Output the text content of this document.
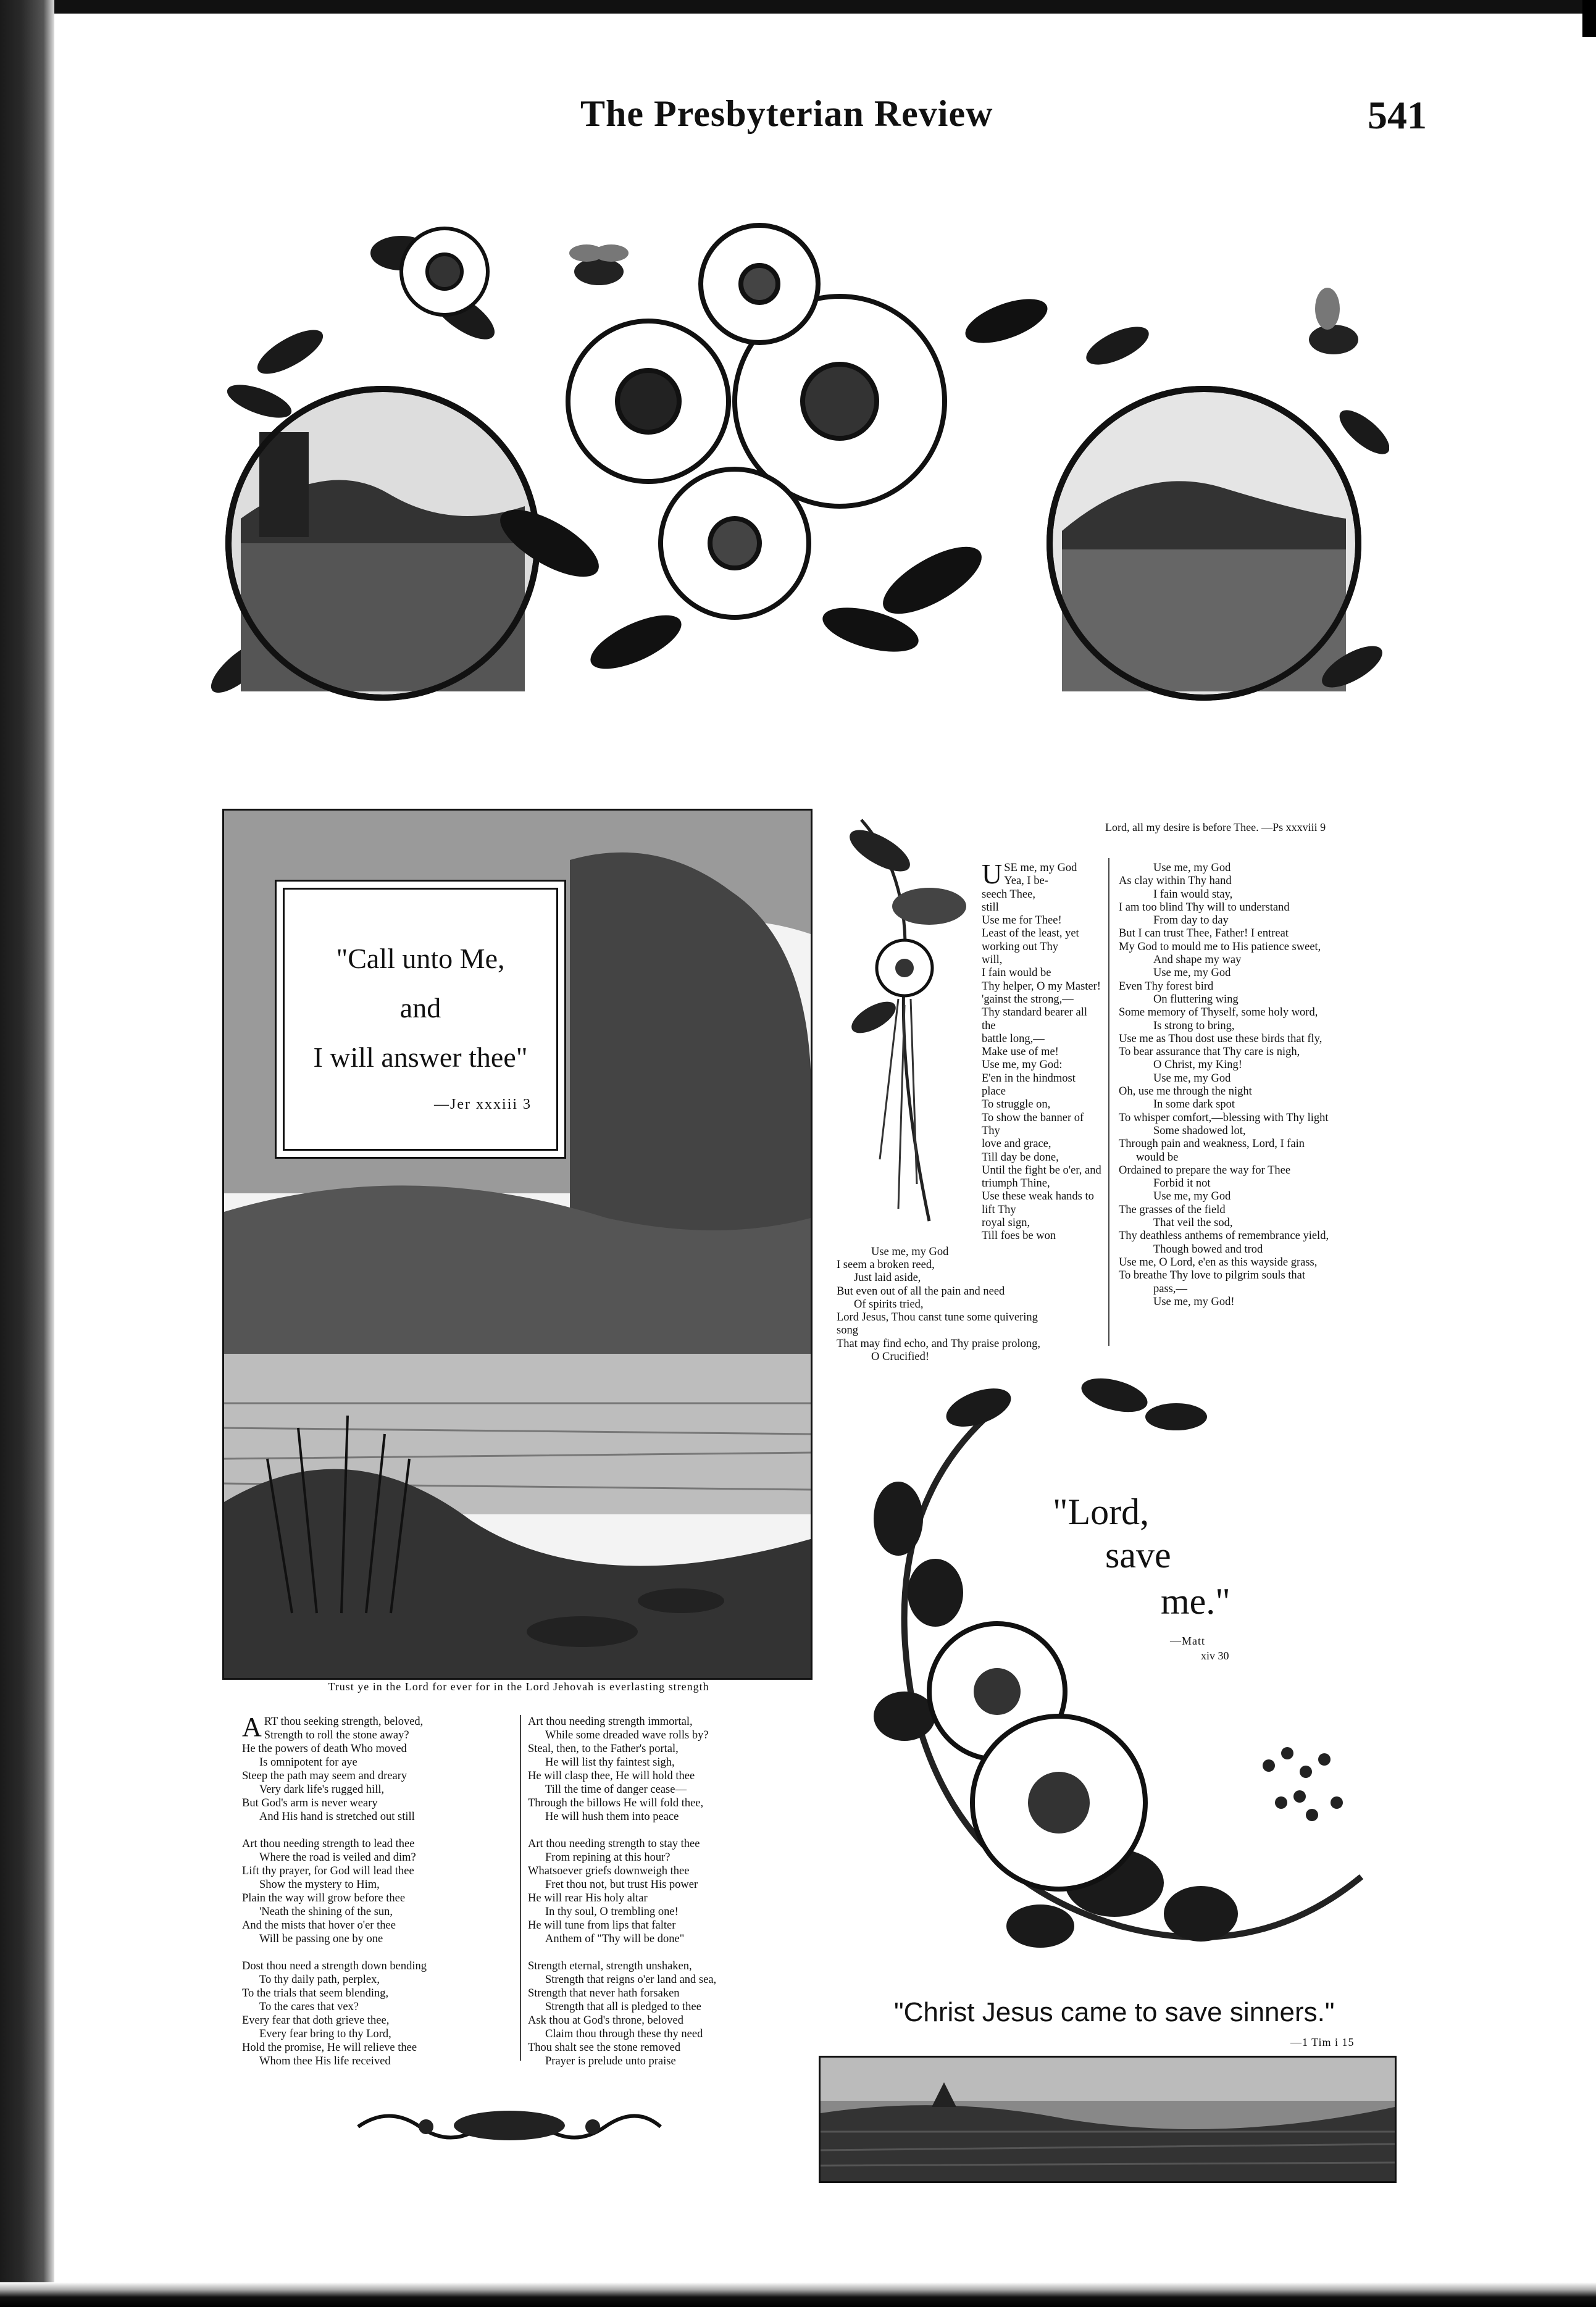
The Presbyterian Review	541
"Call unto Me,
and
I will answer thee"
—Jer xxxiii 3
Trust ye in the Lord for ever for in the Lord Jehovah is everlasting strength
A RT thou seeking strength, beloved,
Strength to roll the stone away?
He the powers of death Who moved
Is omnipotent for aye
Steep the path may seem and dreary
Very dark life's rugged hill,
But God's arm is never weary
And His hand is stretched out still
Art thou needing strength to lead thee
Where the road is veiled and dim?
Lift thy prayer, for God will lead thee
Show the mystery to Him,
Plain the way will grow before thee
'Neath the shining of the sun,
And the mists that hover o'er thee
Will be passing one by one
Dost thou need a strength down bending
To thy daily path, perplex,
To the trials that seem blending,
To the cares that vex?
Every fear that doth grieve thee,
Every fear bring to thy Lord,
Hold the promise, He will relieve thee
Whom thee His life received
Art thou needing strength immortal,
While some dreaded wave rolls by?
Steal, then, to the Father's portal,
He will list thy faintest sigh,
He will clasp thee, He will hold thee
Till the time of danger cease—
Through the billows He will fold thee,
He will hush them into peace
Art thou needing strength to stay thee
From repining at this hour?
Whatsoever griefs downweigh thee
Fret thou not, but trust His power
He will rear His holy altar
In thy soul, O trembling one!
He will tune from lips that falter
Anthem of "Thy will be done"
Strength eternal, strength unshaken,
Strength that reigns o'er land and sea,
Strength that never hath forsaken
Strength that all is pledged to thee
Ask thou at God's throne, beloved
Claim thou through these thy need
Thou shalt see the stone removed
Prayer is prelude unto praise
Lord, all my desire is before Thee. —Ps xxxviii 9
U SE me, my God
Yea, I be-
seech Thee,
still
Use me for Thee!
Least of the least, yet
working out Thy
will,
I fain would be
Thy helper, O my Master!
'gainst the strong,—
Thy standard bearer all the
battle long,—
Make use of me!
Use me, my God:
E'en in the hindmost place
To struggle on,
To show the banner of Thy
love and grace,
Till day be done,
Until the fight be o'er, and
triumph Thine,
Use these weak hands to lift Thy
royal sign,
Till foes be won
Use me, my God
I seem a broken reed,
Just laid aside,
But even out of all the pain and need
Of spirits tried,
Lord Jesus, Thou canst tune some quivering
song
That may find echo, and Thy praise prolong,
O Crucified!
Use me, my God
As clay within Thy hand
I fain would stay,
I am too blind Thy will to understand
From day to day
But I can trust Thee, Father! I entreat
My God to mould me to His patience sweet,
And shape my way
Use me, my God
Even Thy forest bird
On fluttering wing
Some memory of Thyself, some holy word,
Is strong to bring,
Use me as Thou dost use these birds that fly,
To bear assurance that Thy care is nigh,
O Christ, my King!
Use me, my God
Oh, use me through the night
In some dark spot
To whisper comfort,—blessing with Thy light
Some shadowed lot,
Through pain and weakness, Lord, I fain
would be
Ordained to prepare the way for Thee
Forbid it not
Use me, my God
The grasses of the field
That veil the sod,
Thy deathless anthems of remembrance yield,
Though bowed and trod
Use me, O Lord, e'en as this wayside grass,
To breathe Thy love to pilgrim souls that
pass,—
Use me, my God!
"Lord,
save
me."
—Matt
xiv 30
"Christ Jesus came to save sinners."
—1 Tim i 15
